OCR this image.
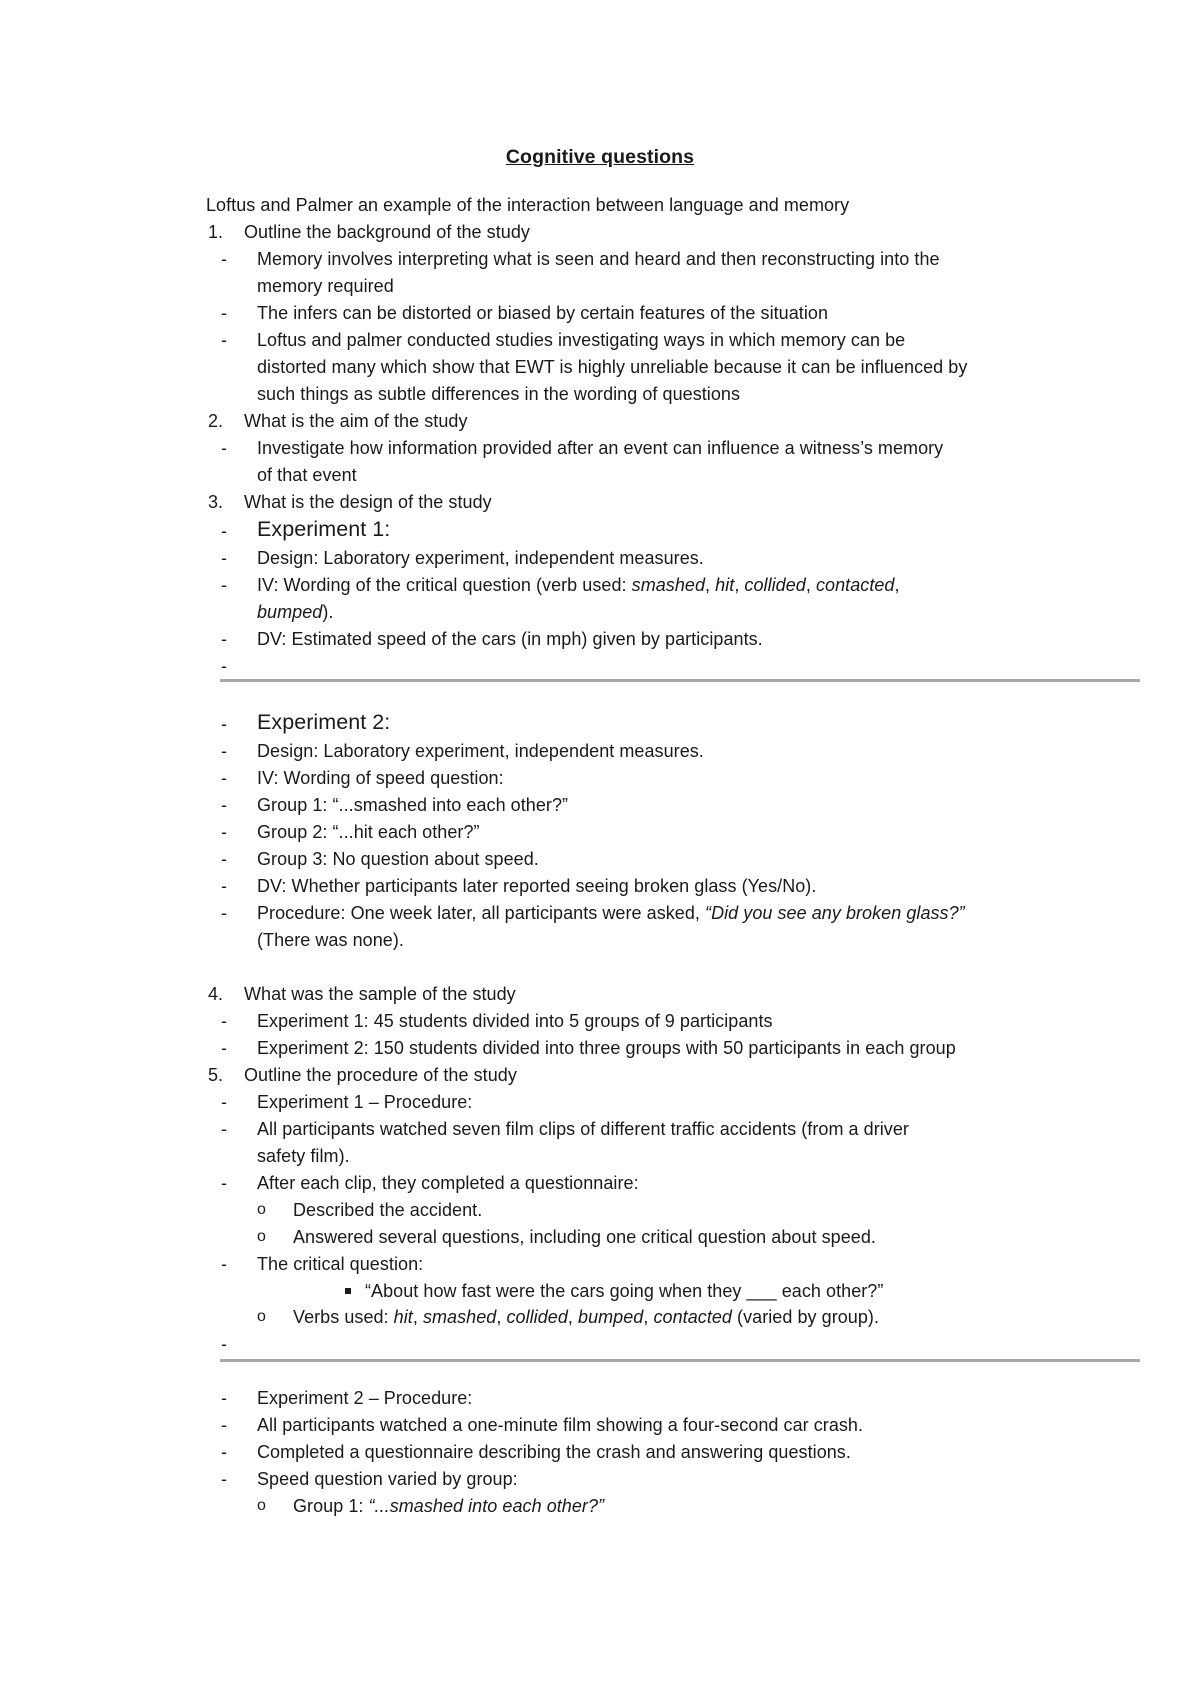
Cognitive questions
Loftus and Palmer an example of the interaction between language and memory
1. Outline the background of the study
- Memory involves interpreting what is seen and heard and then reconstructing into the
memory required
- The infers can be distorted or biased by certain features of the situation
- Loftus and palmer conducted studies investigating ways in which memory can be
distorted many which show that EWT is highly unreliable because it can be influenced by
such things as subtle differences in the wording of questions
2. What is the aim of the study
- Investigate how information provided after an event can influence a witness’s memory
of that event
3. What is the design of the study
- Experiment 1:
- Design: Laboratory experiment, independent measures.
- IV: Wording of the critical question (verb used: smashed, hit, collided, contacted,
bumped).
- DV: Estimated speed of the cars (in mph) given by participants.
-
- Experiment 2:
- Design: Laboratory experiment, independent measures.
- IV: Wording of speed question:
- Group 1: “...smashed into each other?”
- Group 2: “...hit each other?”
- Group 3: No question about speed.
- DV: Whether participants later reported seeing broken glass (Yes/No).
- Procedure: One week later, all participants were asked, “Did you see any broken glass?”
(There was none).
4. What was the sample of the study
- Experiment 1: 45 students divided into 5 groups of 9 participants
- Experiment 2: 150 students divided into three groups with 50 participants in each group
5. Outline the procedure of the study
- Experiment 1 – Procedure:
- All participants watched seven film clips of different traffic accidents (from a driver
safety film).
- After each clip, they completed a questionnaire:
o Described the accident.
o Answered several questions, including one critical question about speed.
- The critical question:
“About how fast were the cars going when they ___ each other?”
o Verbs used: hit, smashed, collided, bumped, contacted (varied by group).
-
- Experiment 2 – Procedure:
- All participants watched a one-minute film showing a four-second car crash.
- Completed a questionnaire describing the crash and answering questions.
- Speed question varied by group:
o Group 1: “...smashed into each other?”
